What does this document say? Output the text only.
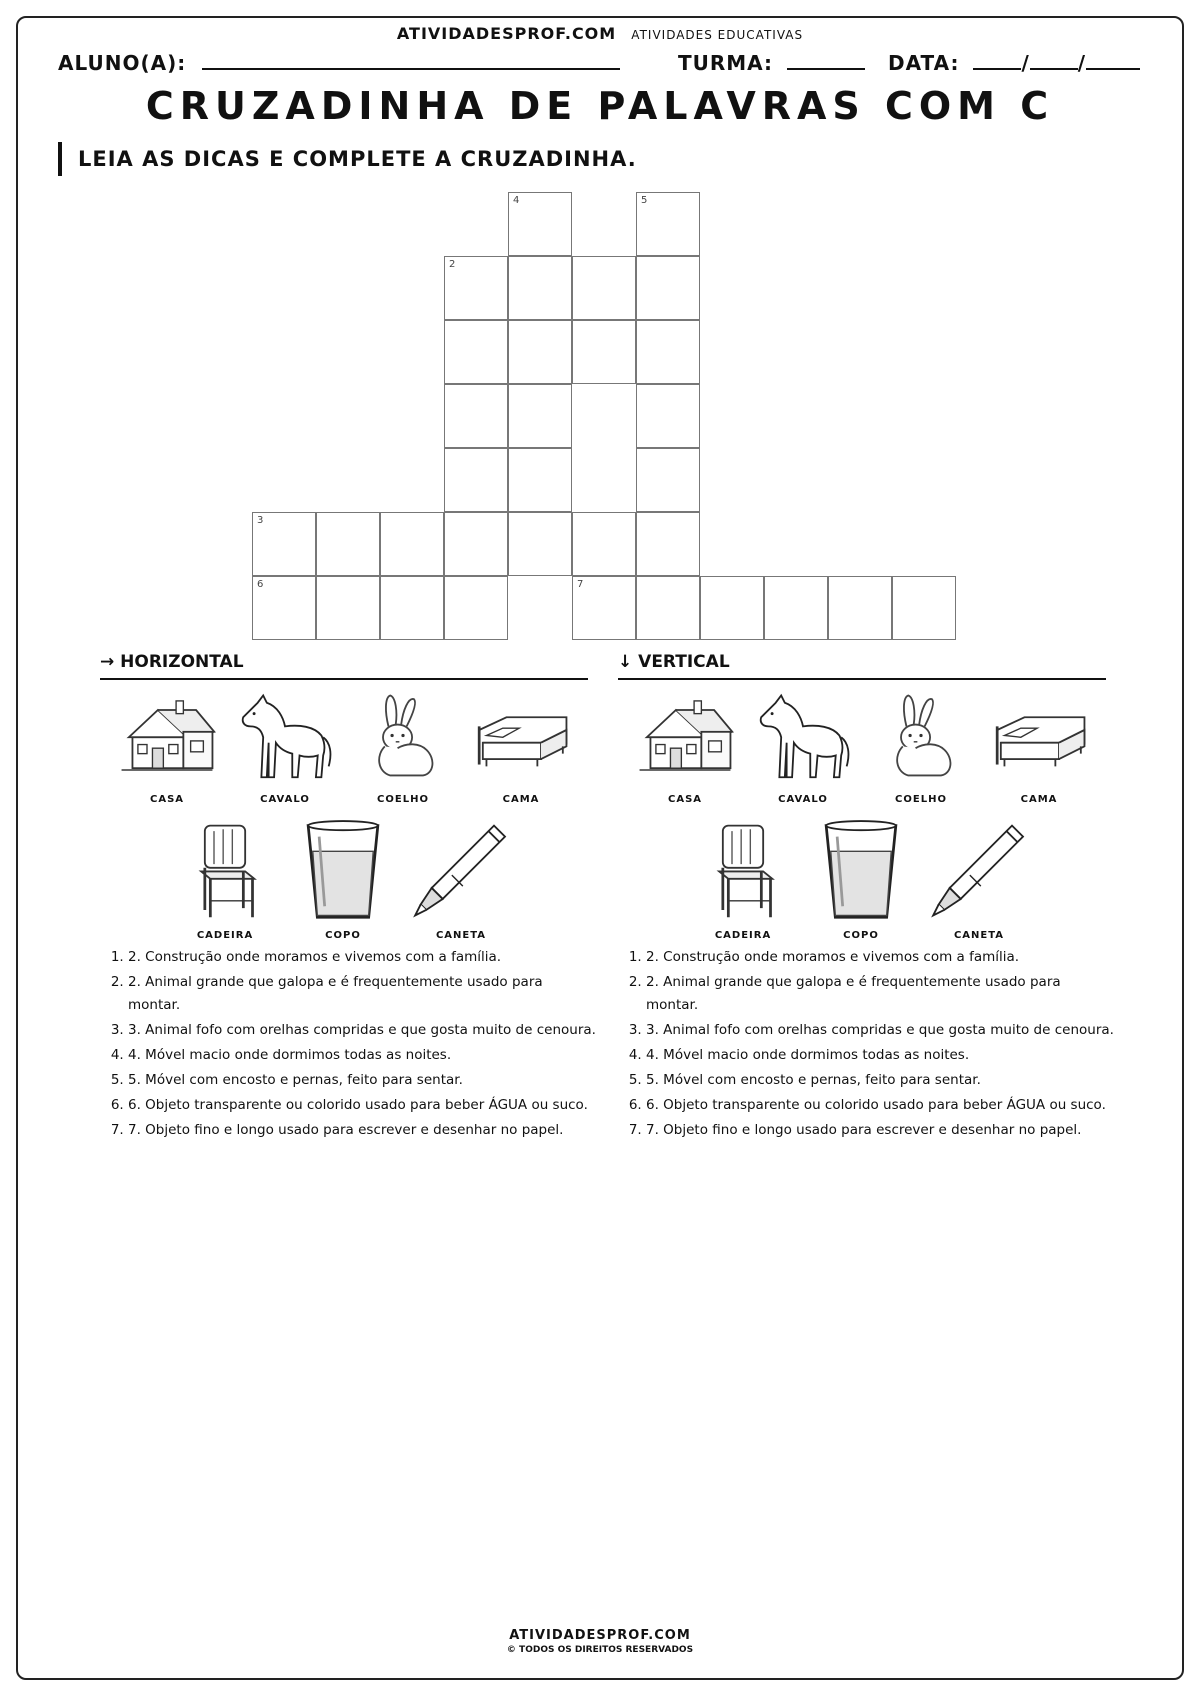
ATIVIDADESPROF.COM ATIVIDADES EDUCATIVAS
ALUNO(A):	TURMA:	DATA:	/ /
CRUZADINHA DE PALAVRAS COM C
LEIA AS DICAS E COMPLETE A CRUZADINHA.
4	5
2
3
6	7
→ HORIZONTAL
CASA	CAVALO	COELHO	CAMA
CADEIRA	COPO	CANETA
1. 2. Construção onde moramos e vivemos com a família.
2. 2. Animal grande que galopa e é frequentemente usado para montar.
3. 3. Animal fofo com orelhas compridas e que gosta muito de cenoura.
4. 4. Móvel macio onde dormimos todas as noites.
5. 5. Móvel com encosto e pernas, feito para sentar.
6. 6. Objeto transparente ou colorido usado para beber ÁGUA ou suco.
7. 7. Objeto fino e longo usado para escrever e desenhar no papel.
↓ VERTICAL
CASA	CAVALO	COELHO	CAMA
CADEIRA	COPO	CANETA
1. 2. Construção onde moramos e vivemos com a família.
2. 2. Animal grande que galopa e é frequentemente usado para montar.
3. 3. Animal fofo com orelhas compridas e que gosta muito de cenoura.
4. 4. Móvel macio onde dormimos todas as noites.
5. 5. Móvel com encosto e pernas, feito para sentar.
6. 6. Objeto transparente ou colorido usado para beber ÁGUA ou suco.
7. 7. Objeto fino e longo usado para escrever e desenhar no papel.
ATIVIDADESPROF.COM
© TODOS OS DIREITOS RESERVADOS
